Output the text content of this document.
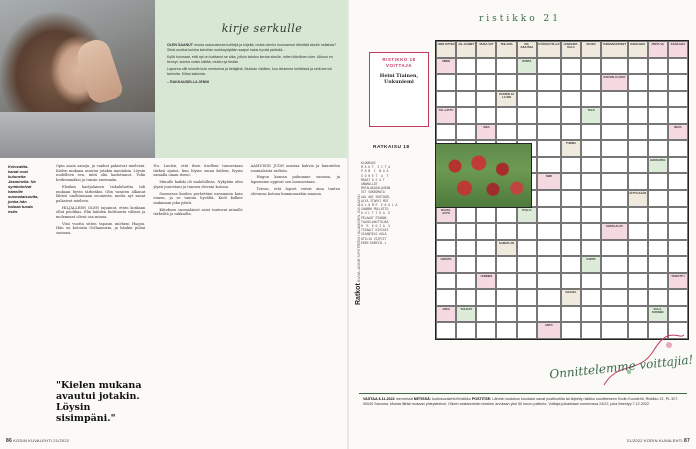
kirje serkulle
OLEN SAANUT monta uskomatonta korttejä ja kirjeitä, mutta olenko huomannut lähettää sinulle sellaista? Siinä osoitus kuinka kahvilan nurkkapöytään saapui kaksi hyvää ystävää...
Kyllä huomaat, että nyt on koittanut se aika, jolloin tahdon kertoa sinulle, miten kiitollinen olen. Alkuun en tiennyt, kuinka voisin kiittää, mutta nyt tiedän.
Lapsena ollit minulle kuin mentorina ja tietäjänä. Muistan vieläkin, kun istuimme keittiössä ja sinä kerroit tarinoita. Kiitos kaikesta.
– RAKKAUDELLA JENNI
Kelovaltta-kanat ovat kuluneita Jasminella. Ne symboloivat häneille suomalaisuutta, jonka hän haluaa tuoda esiin.

Opin aasia sanoja, ja vanhat palasivat mieleeni. Kielen mukana avautui jotakin muutakin. Löysin uudelleen sen, mitä olin kadottanut. Tulin herkemmäksi ja tunsin enemmän.

Elenkin kartjalainen tiskaluhattia tuli mukaan hyvin tärkeäksi. Olin vasaten alkanut lähteä unohtumaan suomesta, mutta nyt sanat palasivat mieleen.

HILJALLEEN OLEN tajunnut, etten koskaan ollut puolikas. Elin kahden kulttuurin välissä ja molemmat olivat osa minua.

Viisi vuotta sitten tapasin mieheni Hugon. Hän on kotoisin Gollanmista, ja hänkin puhui suomea.

Nu. Luulen, että ilsen itselleni tunnestaan tärkeä ajatus: kun löysin oman kieleni, löysin samalla oman itseni.

Minulle kaikki oli mahdollista. Nykyään olen ylpeä juuristani ja tunnen olevani kotona.

Suomessa kuulen perhettäni useammin kuin ennen, ja se tuntuu hyvältä. Kieli kulkee mukanani joka päivä.

Kiitoksen suomalaiset asiat tuntuvat minulle tärkeiltä ja rakkailta.

AAMUISIN JUON mustaa kahvia ja kuuntelen suomalaista radiota.

Hugon kanssa puhumme suomea, ja lapsemme oppivat sen luonnostaan.

Toivon, että lapset voivat aina tuntea olevansa kotona kummassakin maassa.

"Kielen mukana avautui jotakin. Löysin sisimpäni."
86 KODIN KUVALEHTI 21/2022
ristikko 21
RISTIKKO 18
VOITTAJA
Heini Tiainen, Uukuniemi
RATKAISU 18
KLOORAUS
M A U T  I I T A
P A N  I  N A Ä
S O R E T  A  T
MAAAT A S A T
ANNAKLLOT
MUTALAKASALAVEAN
VIT SOKEOMATA
AAL AKI SKOTOGEL
ALYA ITARVI MIE
A L O M E  E K O L A
SANAMA PULLOTIO
A U L T T U A  E
PELAAAT PIANOK
TALKELAAUTTAJAA
R  R  K O I A  V
TIEAALT KIVIAIS
VIAANTELO AULA
OTILIA VIIPIIT
EKEN KANYVIL L
Ratkot KUVA: ANNE NYSTRÖM / ALIAKSEN JULKAISU
HEIN-SITTEN	JAL-KAIMET	MUKA-VAT	TEE-AMA	ON-JUHLISSA
HYÖKKÄYSLAJI	LENKKIRA-KALA
SEURA	YHDENNÄKÖISET	OSEN-NAIS	PINTA-VA	SÄÄN-SIJA
VIRKE	KUNTA
RAIVON LU-KKO
KASTEN JA LA-SIN
TAL-LATTU	TALO
SIKA	NEVA
TUMMA
LEIKKI-PEIL
NIMI
JÄTTÄ-SÄÄR
RAUTA-AUTO
PULLO
LEIKKI-ALUS
KAMATLAN
NAPATO	KAPPA
HUNNEN	TAIKOTTU
NAAVEL
JOKA	TAJJAAT	FALLI-KOSKEN
ANTO
Onnittelemme voittajia!
VASTAA 8.11.2022 mennessä NETISSÄ: kodinkuvalehti.fi/ristikko POSTITSE: Lähetä ruudukon koodatut sanat postikortilla tai täytetty ristikko osoitteeseen Kodin Kuvalehti, Ristikko 21, PL 327, 00040 Sanoma. Muista liittää mukaan yhteystietosi. Oikein vastanneiden kesken arvotaan yksi 50 euron palkinto. Voittaja julkaistaan numerossa 24/22, joka ilmestyy 7.12.2022.
21/2022 KODIN KUVALEHTI 87
